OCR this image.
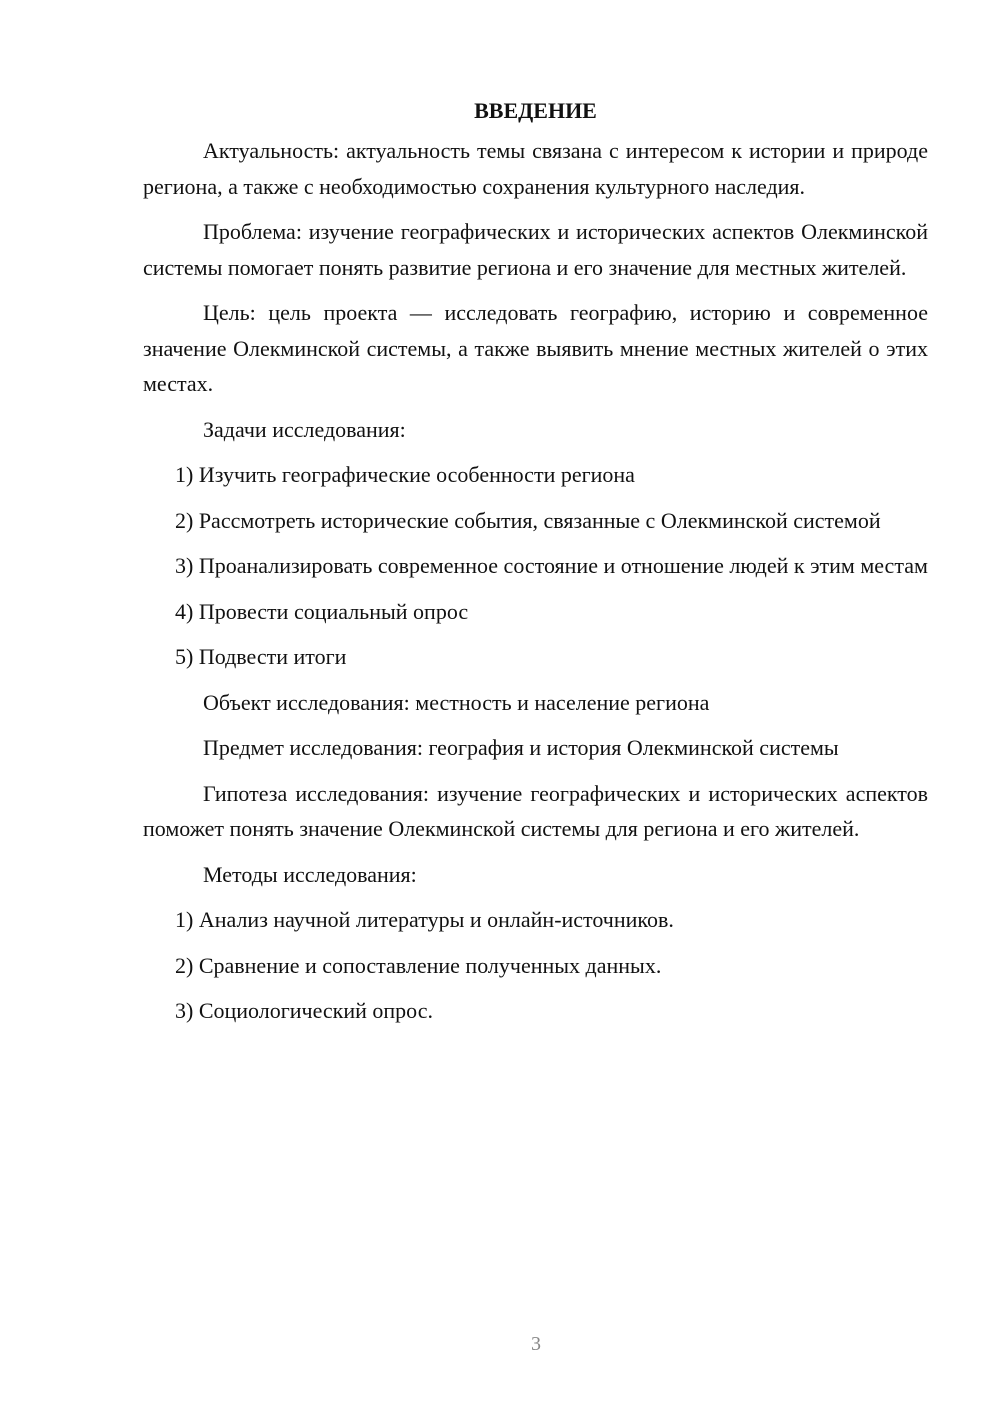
ВВЕДЕНИЕ

Актуальность: актуальность темы связана с интересом к истории и природе региона, а также с необходимостью сохранения культурного наследия.

Проблема: изучение географических и исторических аспектов Олекминской системы помогает понять развитие региона и его значение для местных жителей.

Цель: цель проекта — исследовать географию, историю и современное значение Олекминской системы, а также выявить мнение местных жителей о этих местах.

Задачи исследования:

1) Изучить географические особенности региона

2) Рассмотреть исторические события, связанные с Олекминской системой

3) Проанализировать современное состояние и отношение людей к этим местам

4) Провести социальный опрос

5) Подвести итоги

Объект исследования: местность и население региона

Предмет исследования: география и история Олекминской системы

Гипотеза исследования: изучение географических и исторических аспектов поможет понять значение Олекминской системы для региона и его жителей.

Методы исследования:

1) Анализ научной литературы и онлайн-источников.

2) Сравнение и сопоставление полученных данных.

3) Социологический опрос.

3
